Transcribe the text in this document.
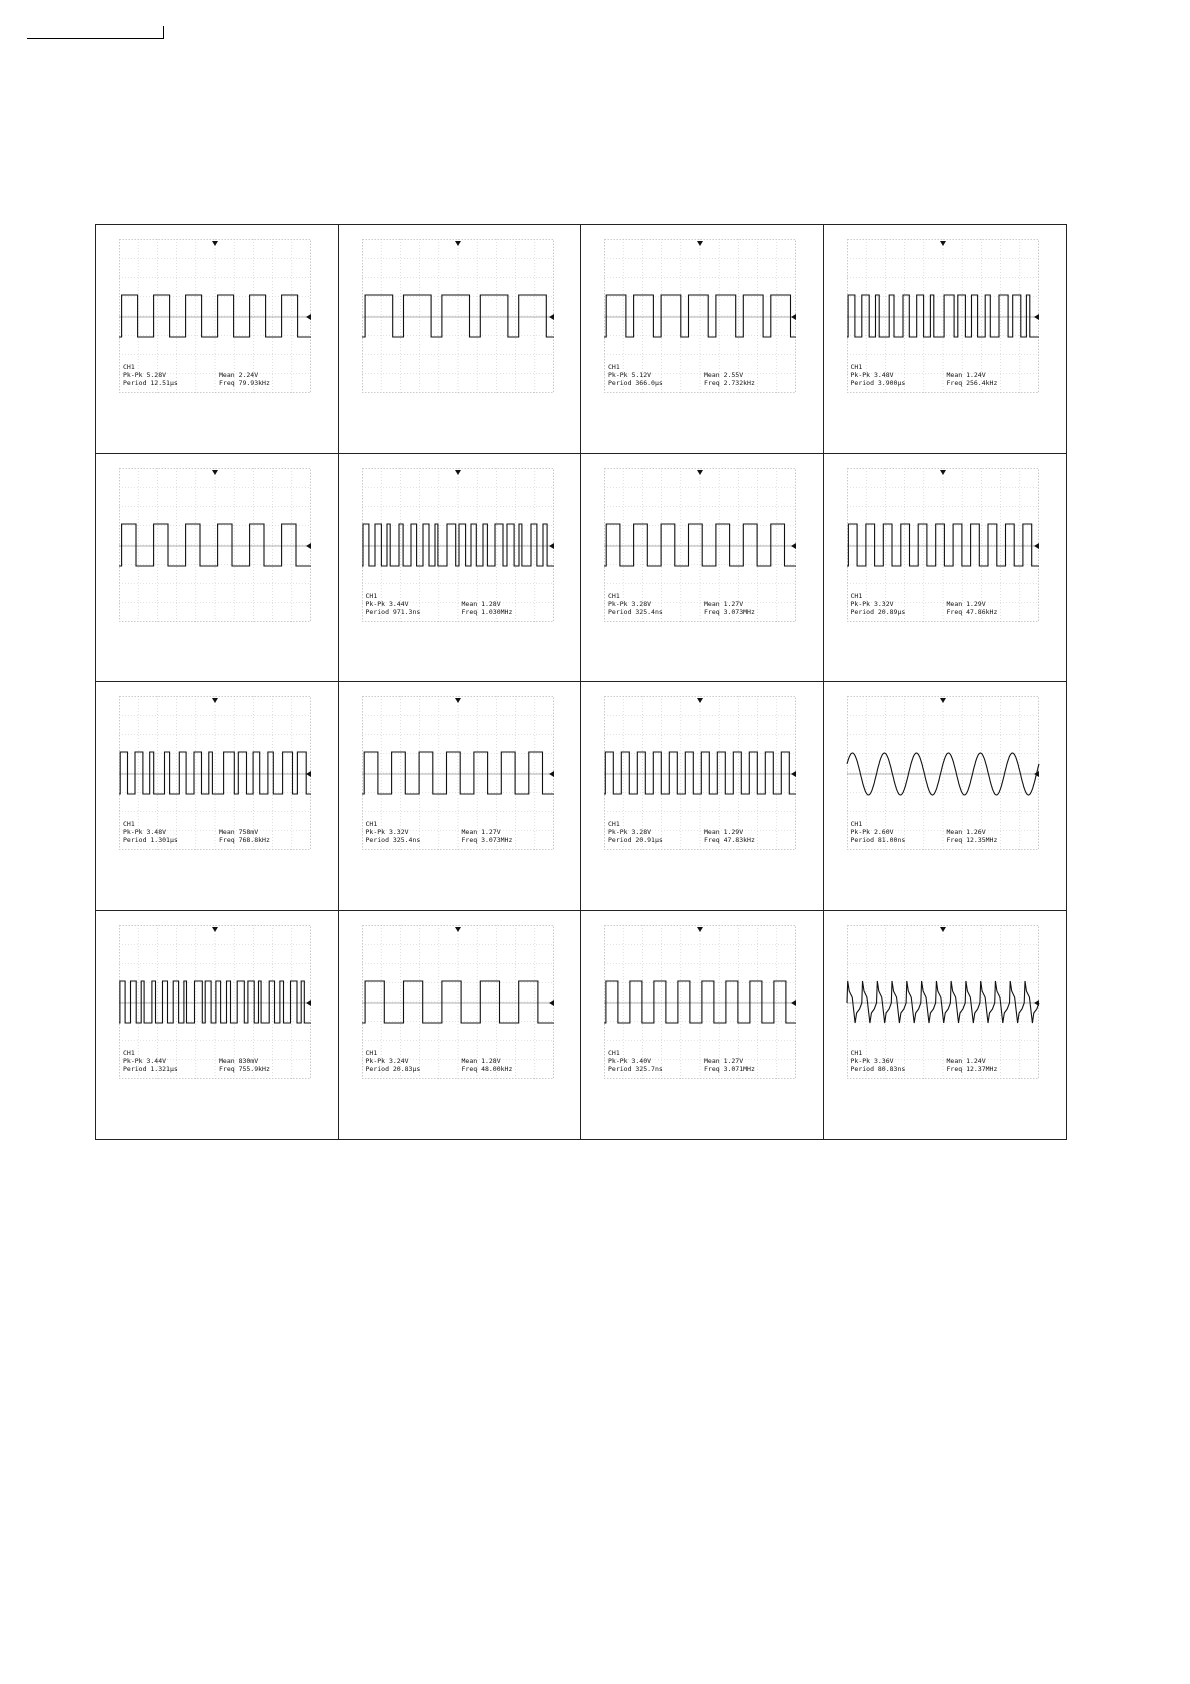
CH1
Pk-Pk 5.28V
Period 12.51µs
Mean 2.24V
Freq 79.93kHz
CH1
Pk-Pk 5.12V
Period 366.0µs
Mean 2.55V
Freq 2.732kHz
CH1
Pk-Pk 3.48V
Period 3.900µs
Mean 1.24V
Freq 256.4kHz
CH1
Pk-Pk 3.44V
Period 971.3ns
Mean 1.28V
Freq 1.030MHz
CH1
Pk-Pk 3.28V
Period 325.4ns
Mean 1.27V
Freq 3.073MHz
CH1
Pk-Pk 3.32V
Period 20.89µs
Mean 1.29V
Freq 47.86kHz
CH1
Pk-Pk 3.48V
Period 1.301µs
Mean 758mV
Freq 768.8kHz
CH1
Pk-Pk 3.32V
Period 325.4ns
Mean 1.27V
Freq 3.073MHz
CH1
Pk-Pk 3.28V
Period 20.91µs
Mean 1.29V
Freq 47.83kHz
CH1
Pk-Pk 2.60V
Period 81.00ns
Mean 1.26V
Freq 12.35MHz
CH1
Pk-Pk 3.44V
Period 1.321µs
Mean 830mV
Freq 755.9kHz
CH1
Pk-Pk 3.24V
Period 20.83µs
Mean 1.28V
Freq 48.00kHz
CH1
Pk-Pk 3.40V
Period 325.7ns
Mean 1.27V
Freq 3.071MHz
CH1
Pk-Pk 3.36V
Period 80.83ns
Mean 1.24V
Freq 12.37MHz
